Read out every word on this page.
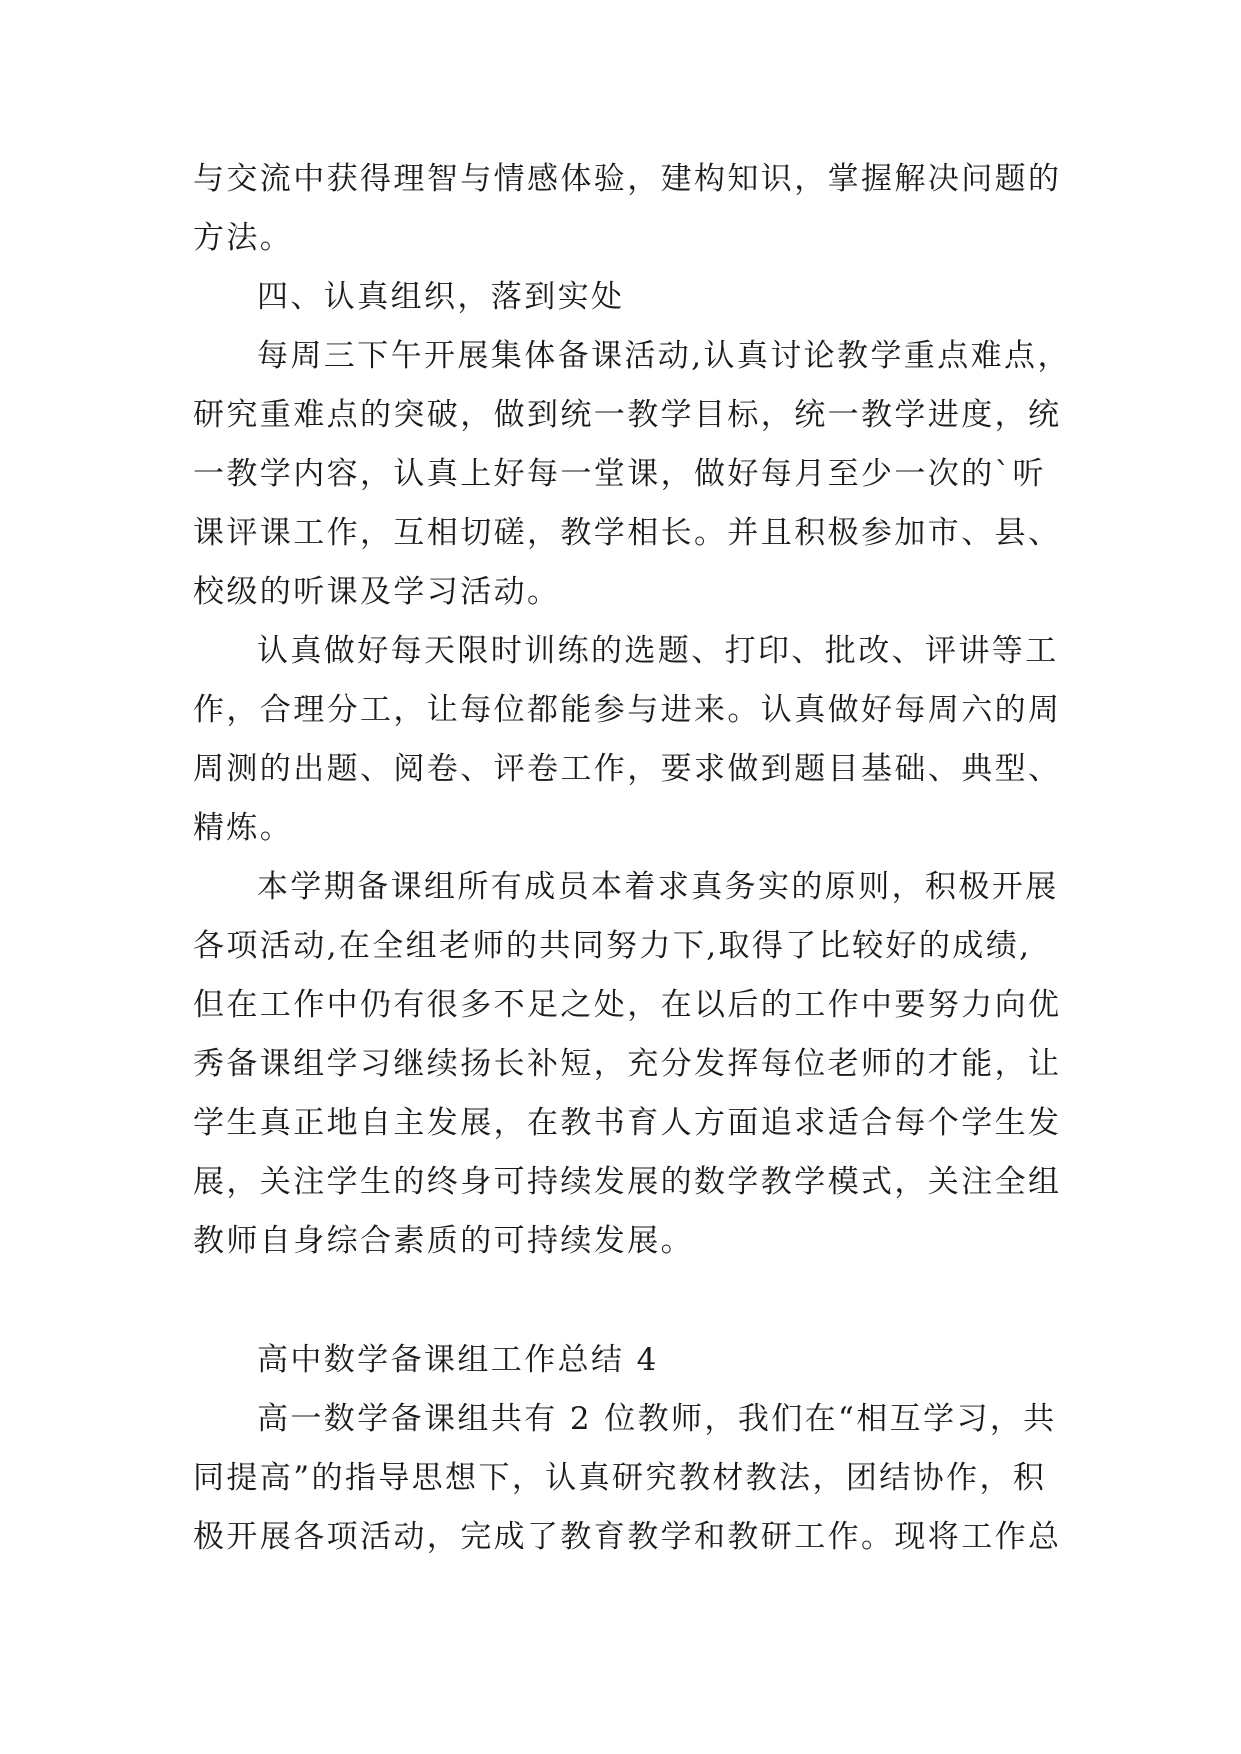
与交流中获得理智与情感体验，建构知识，掌握解决问题的
方法。
四、认真组织，落到实处
每周三下午开展集体备课活动,认真讨论教学重点难点，
研究重难点的突破，做到统一教学目标，统一教学进度，统
一教学内容，认真上好每一堂课，做好每月至少一次的`听
课评课工作，互相切磋，教学相长。并且积极参加市、县、
校级的听课及学习活动。
认真做好每天限时训练的选题、打印、批改、评讲等工
作，合理分工，让每位都能参与进来。认真做好每周六的周
周测的出题、阅卷、评卷工作，要求做到题目基础、典型、
精炼。
本学期备课组所有成员本着求真务实的原则，积极开展
各项活动,在全组老师的共同努力下,取得了比较好的成绩,
但在工作中仍有很多不足之处，在以后的工作中要努力向优
秀备课组学习继续扬长补短，充分发挥每位老师的才能，让
学生真正地自主发展，在教书育人方面追求适合每个学生发
展，关注学生的终身可持续发展的数学教学模式，关注全组
教师自身综合素质的可持续发展。
高中数学备课组工作总结 4
高一数学备课组共有 2 位教师，我们在“相互学习，共
同提高”的指导思想下，认真研究教材教法，团结协作，积
极开展各项活动，完成了教育教学和教研工作。现将工作总
